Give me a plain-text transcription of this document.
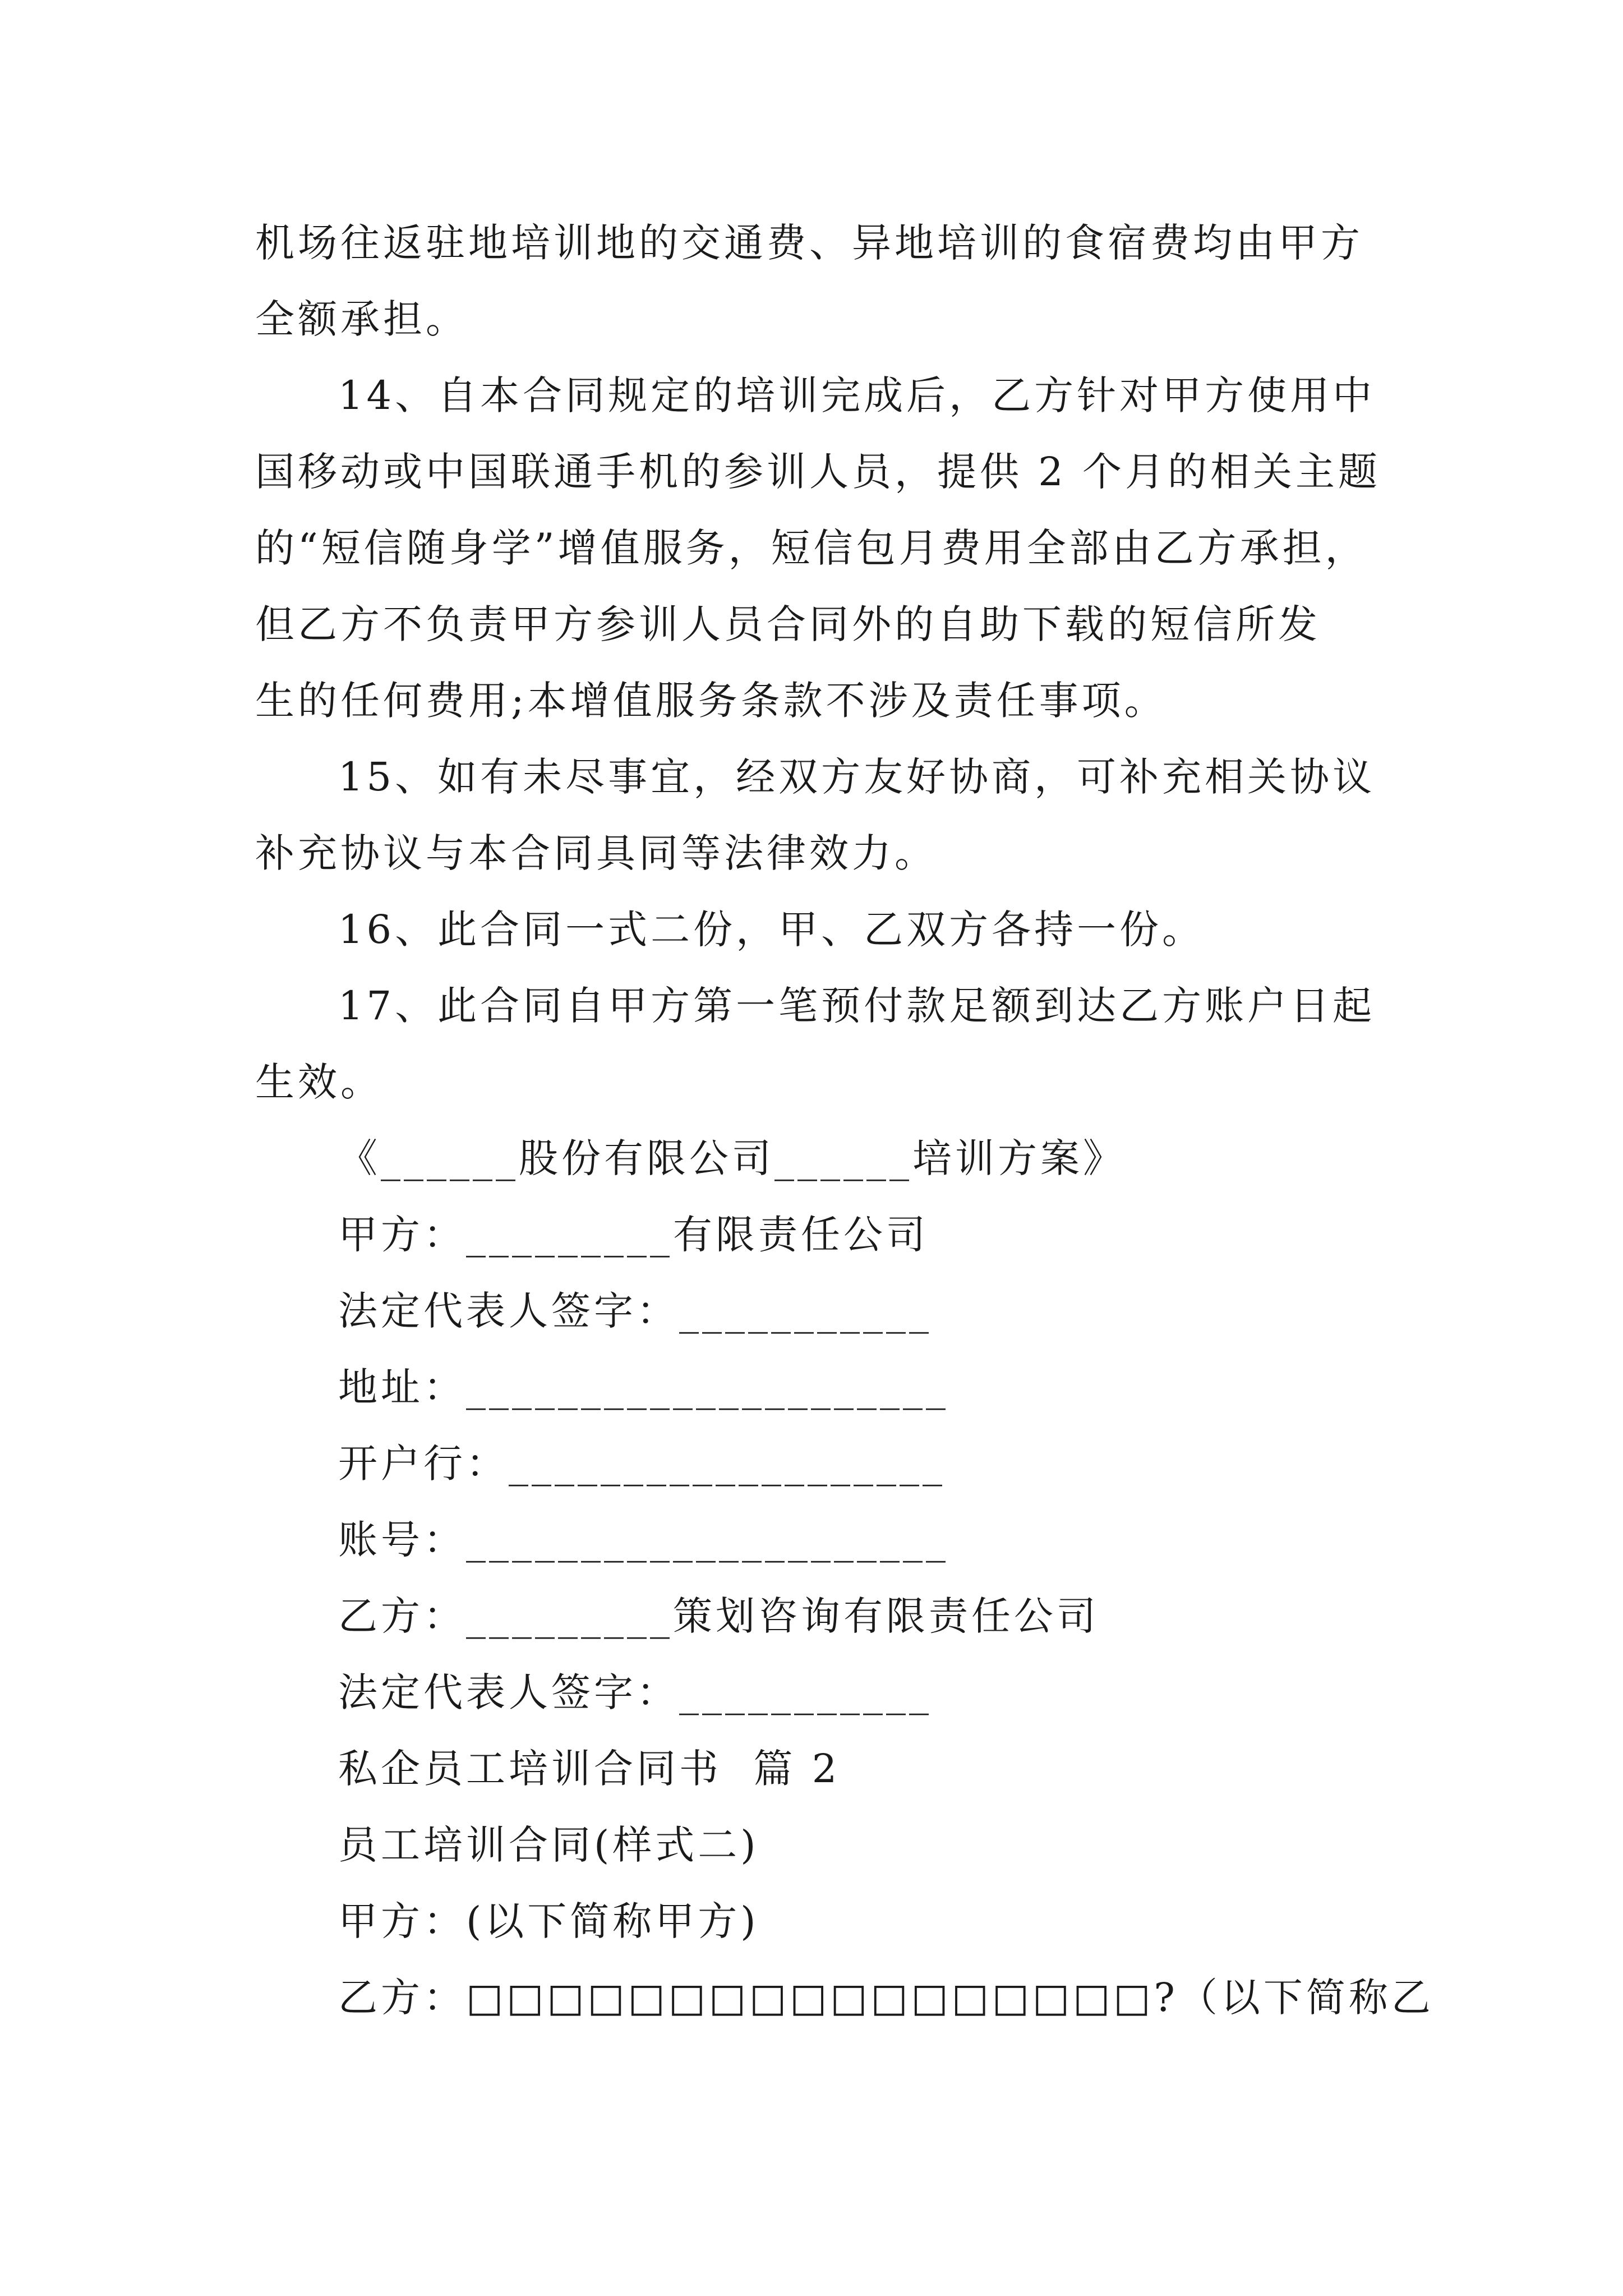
机场往返驻地培训地的交通费、异地培训的食宿费均由甲方
全额承担。
14、自本合同规定的培训完成后，乙方针对甲方使用中
国移动或中国联通手机的参训人员，提供 2 个月的相关主题
的“短信随身学”增值服务，短信包月费用全部由乙方承担，
但乙方不负责甲方参训人员合同外的自助下载的短信所发
生的任何费用;本增值服务条款不涉及责任事项。
15、如有未尽事宜，经双方友好协商，可补充相关协议
补充协议与本合同具同等法律效力。
16、此合同一式二份，甲、乙双方各持一份。
17、此合同自甲方第一笔预付款足额到达乙方账户日起
生效。
《______股份有限公司______培训方案》
甲方：_________有限责任公司
法定代表人签字：___________
地址：_____________________
开户行：___________________
账号：_____________________
乙方：_________策划咨询有限责任公司
法定代表人签字：___________
私企员工培训合同书  篇 2
员工培训合同(样式二)
甲方：(以下简称甲方)
乙方：□□□□□□□□□□□□□□□□□?（以下简称乙
